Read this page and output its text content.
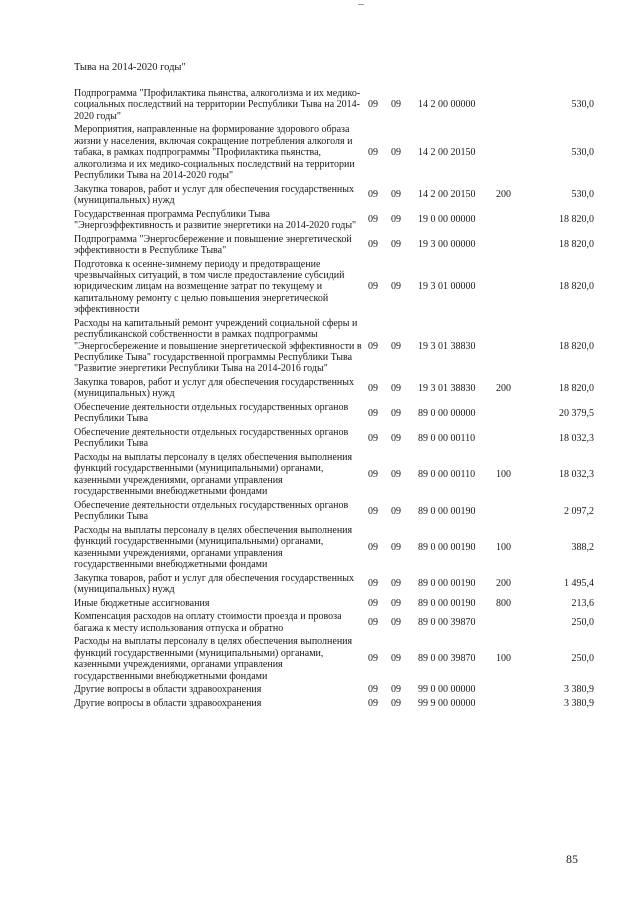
Тыва на 2014-2020 годы"
Подпрограмма "Профилактика пьянства, алкоголизма и их медико-социальных последствий на территории Республики Тыва на 2014-2020 годы"	09	09	14 2 00 00000		530,0
Мероприятия, направленные на формирование здорового образа жизни у населения, включая сокращение потребления алкоголя и табака, в рамках подпрограммы "Профилактика пьянства, алкоголизма и их медико-социальных последствий на территории Республики Тыва на 2014-2020 годы"	09	09	14 2 00 20150		530,0
Закупка товаров, работ и услуг для обеспечения государственных (муниципальных) нужд	09	09	14 2 00 20150	200	530,0
Государственная программа Республики Тыва "Энергоэффективность и развитие энергетики на 2014-2020 годы"	09	09	19 0 00 00000		18 820,0
Подпрограмма "Энергосбережение и повышение энергетической эффективности в Республике Тыва"	09	09	19 3 00 00000		18 820,0
Подготовка к осенне-зимнему периоду и предотвращение чрезвычайных ситуаций, в том числе предоставление субсидий юридическим лицам на возмещение затрат по текущему и капитальному ремонту с целью повышения энергетической эффективности	09	09	19 3 01 00000		18 820,0
Расходы на капитальный ремонт учреждений социальной сферы и республиканской собственности в рамках подпрограммы "Энергосбережение и повышение энергетической эффективности в Республике Тыва" государственной программы Республики Тыва "Развитие энергетики Республики Тыва на 2014-2016 годы"	09	09	19 3 01 38830		18 820,0
Закупка товаров, работ и услуг для обеспечения государственных (муниципальных) нужд	09	09	19 3 01 38830	200	18 820,0
Обеспечение деятельности отдельных государственных органов Республики Тыва	09	09	89 0 00 00000		20 379,5
Обеспечение деятельности отдельных государственных органов Республики Тыва	09	09	89 0 00 00110		18 032,3
Расходы на выплаты персоналу в целях обеспечения выполнения функций государственными (муниципальными) органами, казенными учреждениями, органами управления государственными внебюджетными фондами	09	09	89 0 00 00110	100	18 032,3
Обеспечение деятельности отдельных государственных органов Республики Тыва	09	09	89 0 00 00190		2 097,2
Расходы на выплаты персоналу в целях обеспечения выполнения функций государственными (муниципальными) органами, казенными учреждениями, органами управления государственными внебюджетными фондами	09	09	89 0 00 00190	100	388,2
Закупка товаров, работ и услуг для обеспечения государственных (муниципальных) нужд	09	09	89 0 00 00190	200	1 495,4
Иные бюджетные ассигнования	09	09	89 0 00 00190	800	213,6
Компенсация расходов на оплату стоимости проезда и провоза багажа к месту использования отпуска и обратно	09	09	89 0 00 39870		250,0
Расходы на выплаты персоналу в целях обеспечения выполнения функций государственными (муниципальными) органами, казенными учреждениями, органами управления государственными внебюджетными фондами	09	09	89 0 00 39870	100	250,0
Другие вопросы в области здравоохранения	09	09	99 0 00 00000		3 380,9
Другие вопросы в области здравоохранения	09	09	99 9 00 00000		3 380,9
85
